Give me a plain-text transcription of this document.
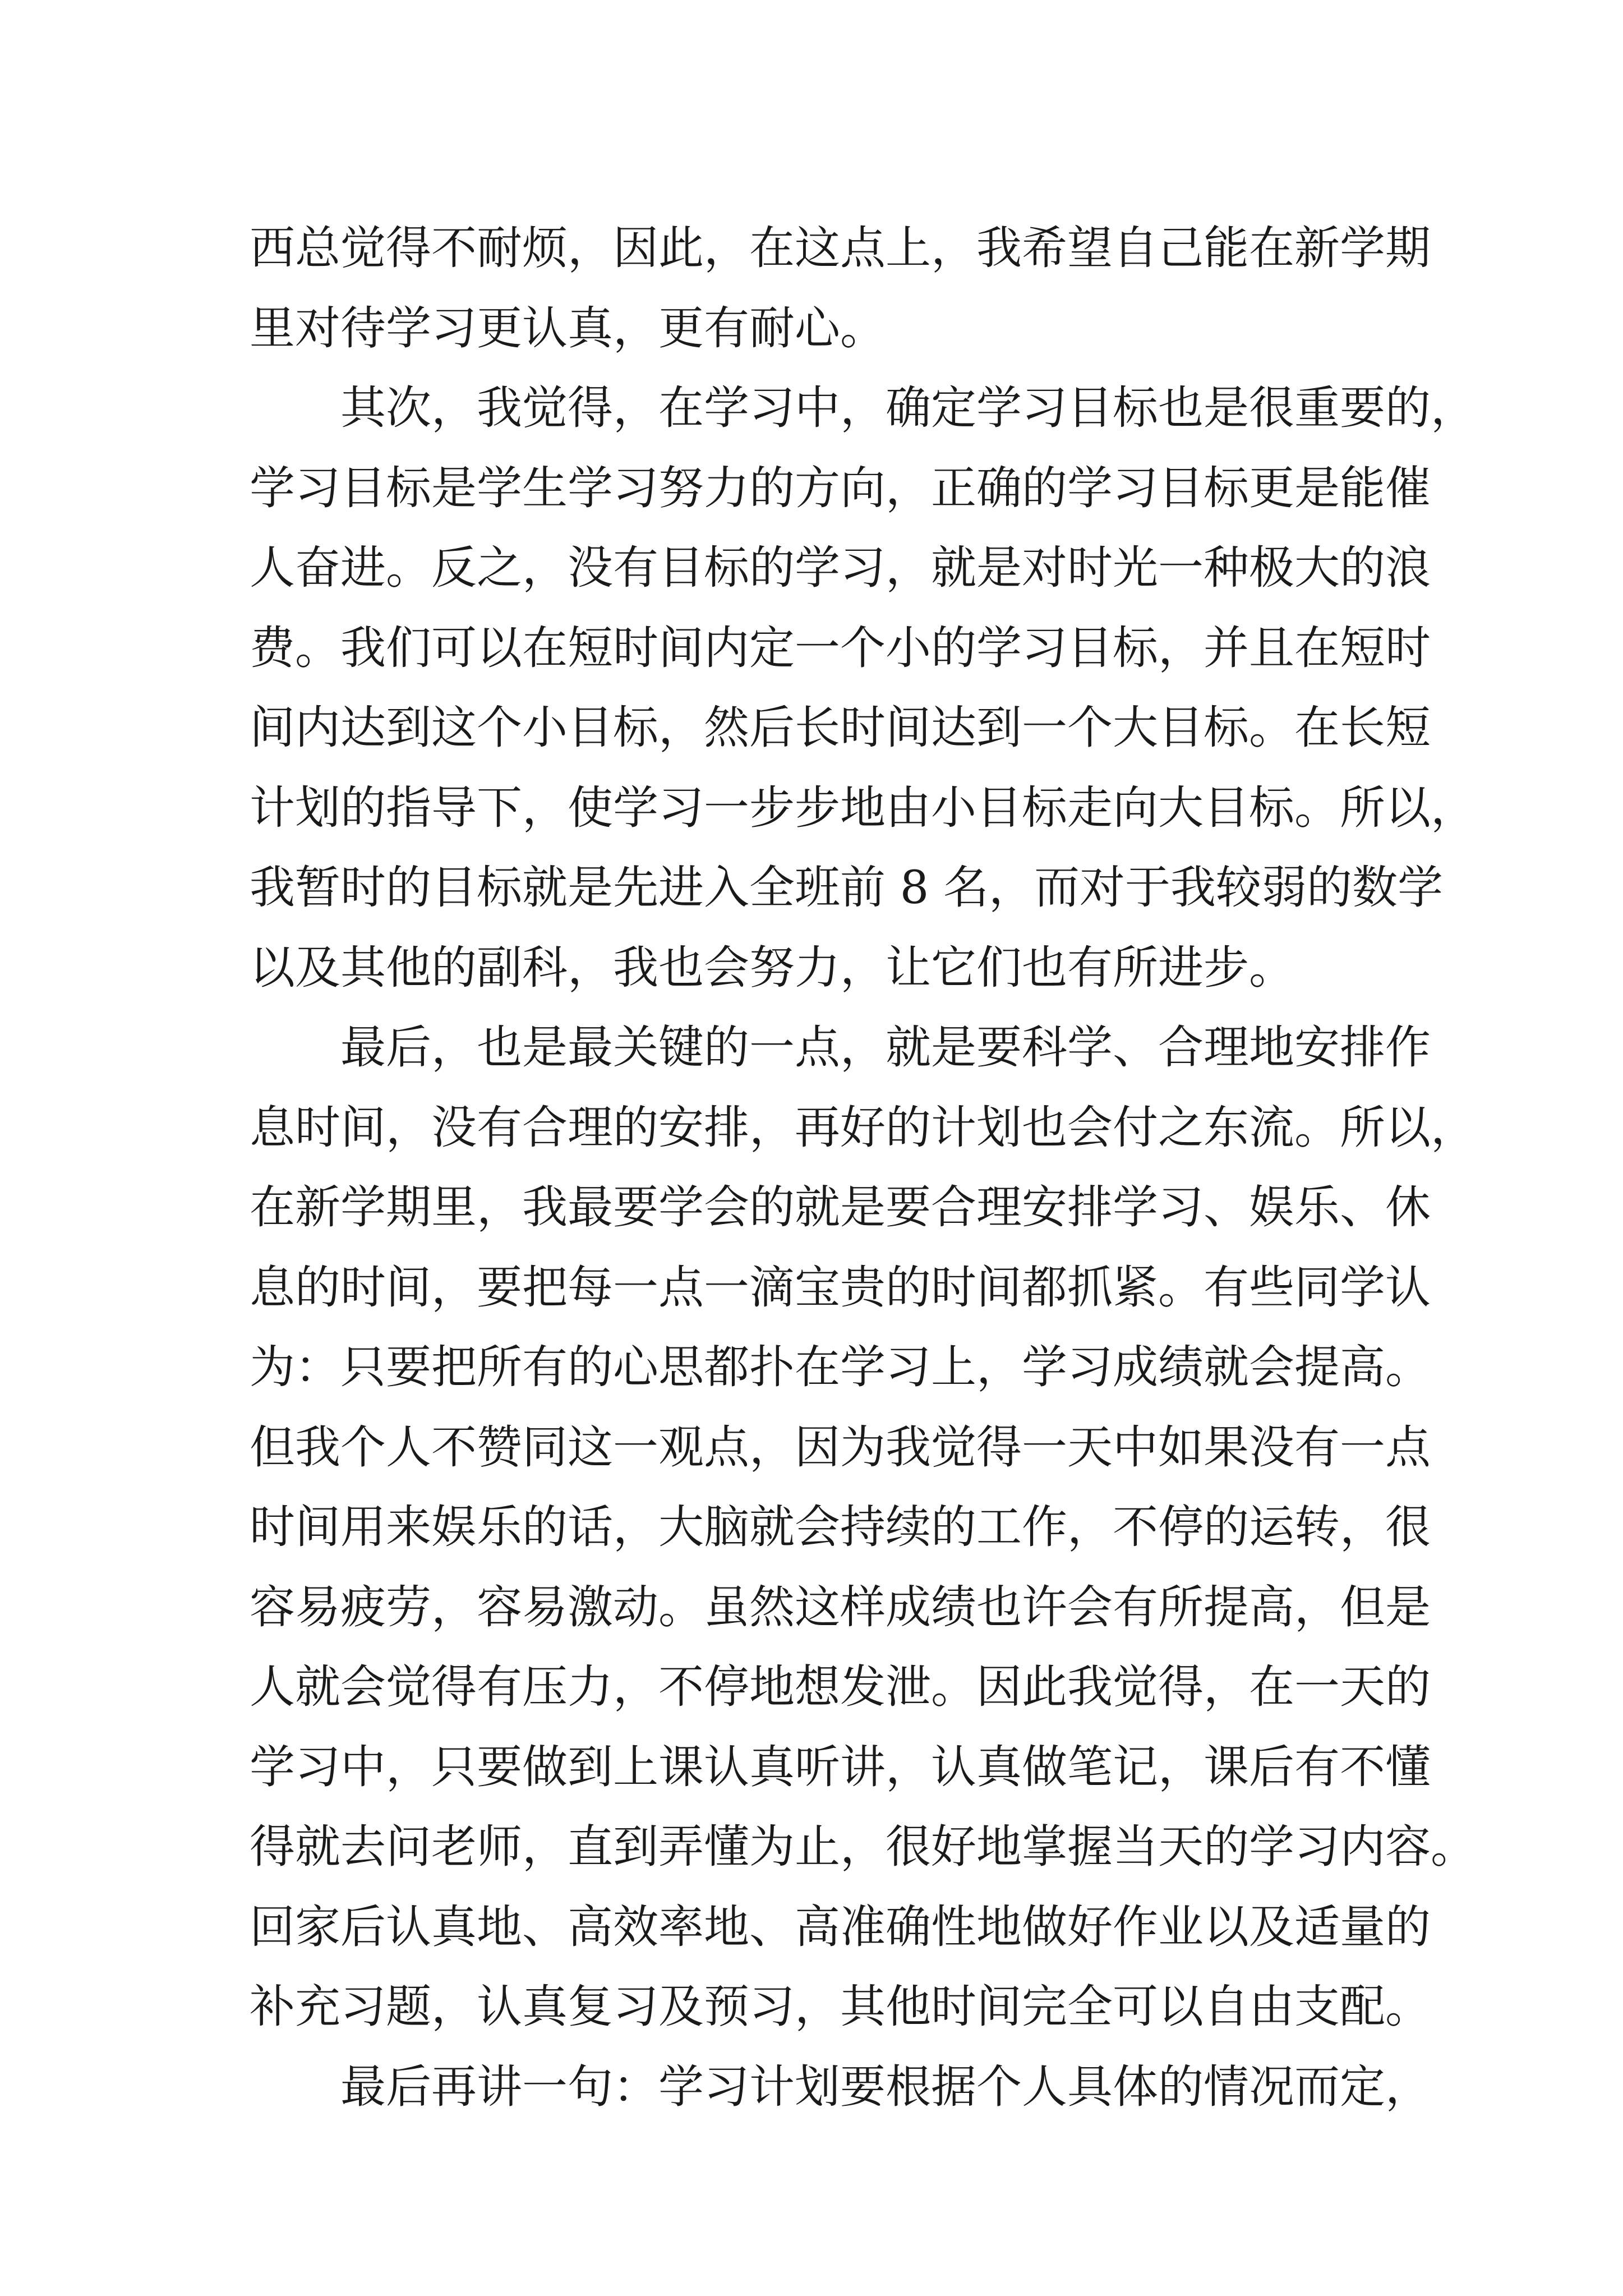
西总觉得不耐烦，因此，在这点上，我希望自己能在新学期
里对待学习更认真，更有耐心。
其次，我觉得，在学习中，确定学习目标也是很重要的，
学习目标是学生学习努力的方向，正确的学习目标更是能催
人奋进。反之，没有目标的学习，就是对时光一种极大的浪
费。我们可以在短时间内定一个小的学习目标，并且在短时
间内达到这个小目标，然后长时间达到一个大目标。在长短
计划的指导下，使学习一步步地由小目标走向大目标。所以，
我暂时的目标就是先进入全班前 8 名，而对于我较弱的数学
以及其他的副科，我也会努力，让它们也有所进步。
最后，也是最关键的一点，就是要科学、合理地安排作
息时间，没有合理的安排，再好的计划也会付之东流。所以，
在新学期里，我最要学会的就是要合理安排学习、娱乐、休
息的时间，要把每一点一滴宝贵的时间都抓紧。有些同学认
为：只要把所有的心思都扑在学习上，学习成绩就会提高。
但我个人不赞同这一观点，因为我觉得一天中如果没有一点
时间用来娱乐的话，大脑就会持续的工作，不停的运转，很
容易疲劳，容易激动。虽然这样成绩也许会有所提高，但是
人就会觉得有压力，不停地想发泄。因此我觉得，在一天的
学习中，只要做到上课认真听讲，认真做笔记，课后有不懂
得就去问老师，直到弄懂为止，很好地掌握当天的学习内容。
回家后认真地、高效率地、高准确性地做好作业以及适量的
补充习题，认真复习及预习，其他时间完全可以自由支配。
最后再讲一句：学习计划要根据个人具体的情况而定，
